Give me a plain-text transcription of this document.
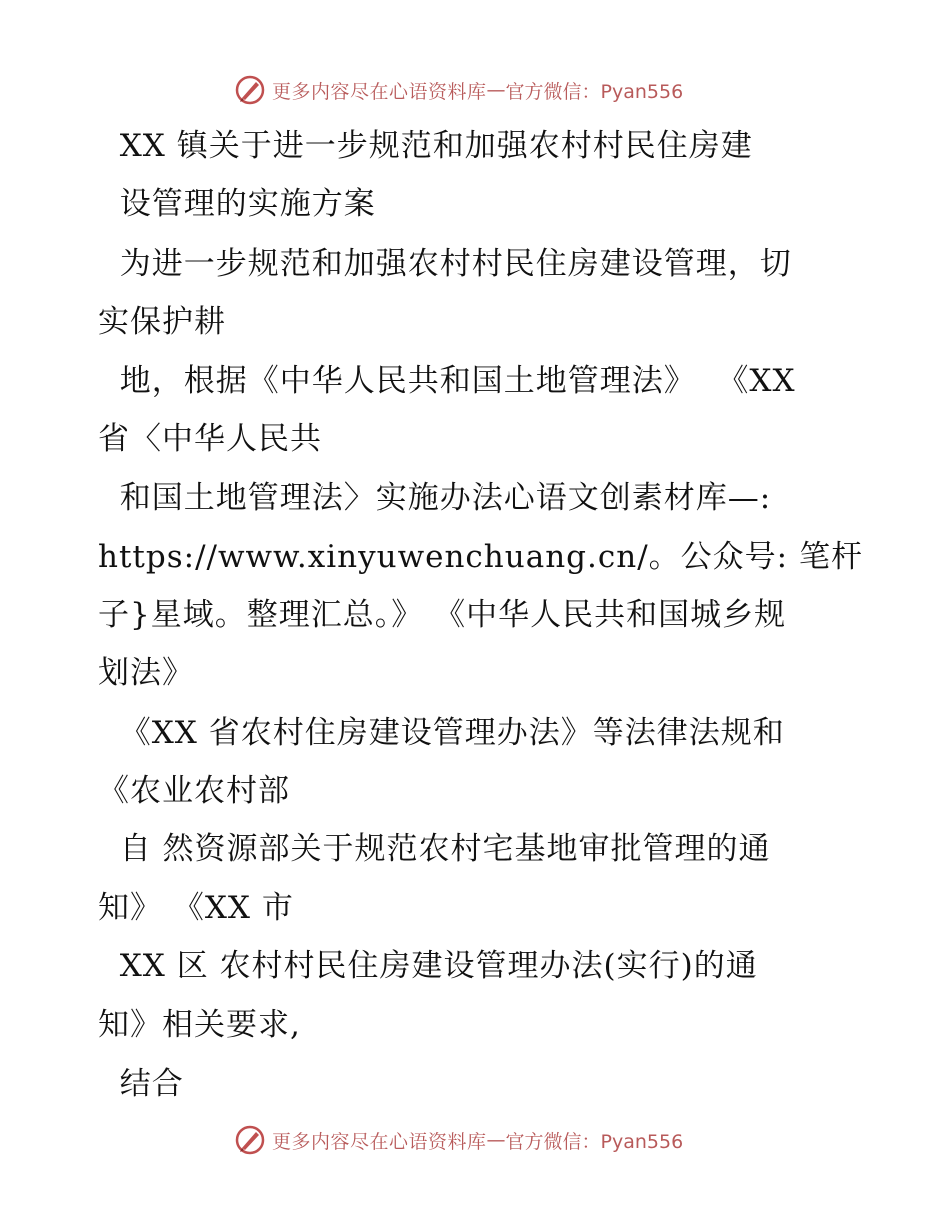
更多内容尽在心语资料库 — 官方微信：Pyan556
XX 镇关于进一步规范和加强农村村民住房建
设管理的实施方案
为进一步规范和加强农村村民住房建设管理，切
实保护耕
地，根据《中华人民共和国土地管理法》  《XX
省〈中华人民共
和国土地管理法〉实施办法心语文创素材库—:
https://www.xinyuwenchuang.cn/。公众号: 笔杆
子}星域。整理汇总。》 《中华人民共和国城乡规
划法》
《XX 省农村住房建设管理办法》等法律法规和
《农业农村部
自 然资源部关于规范农村宅基地审批管理的通
知》 《XX 市
XX 区 农村村民住房建设管理办法(实行)的通
知》相关要求,
结合
更多内容尽在心语资料库 — 官方微信：Pyan556
